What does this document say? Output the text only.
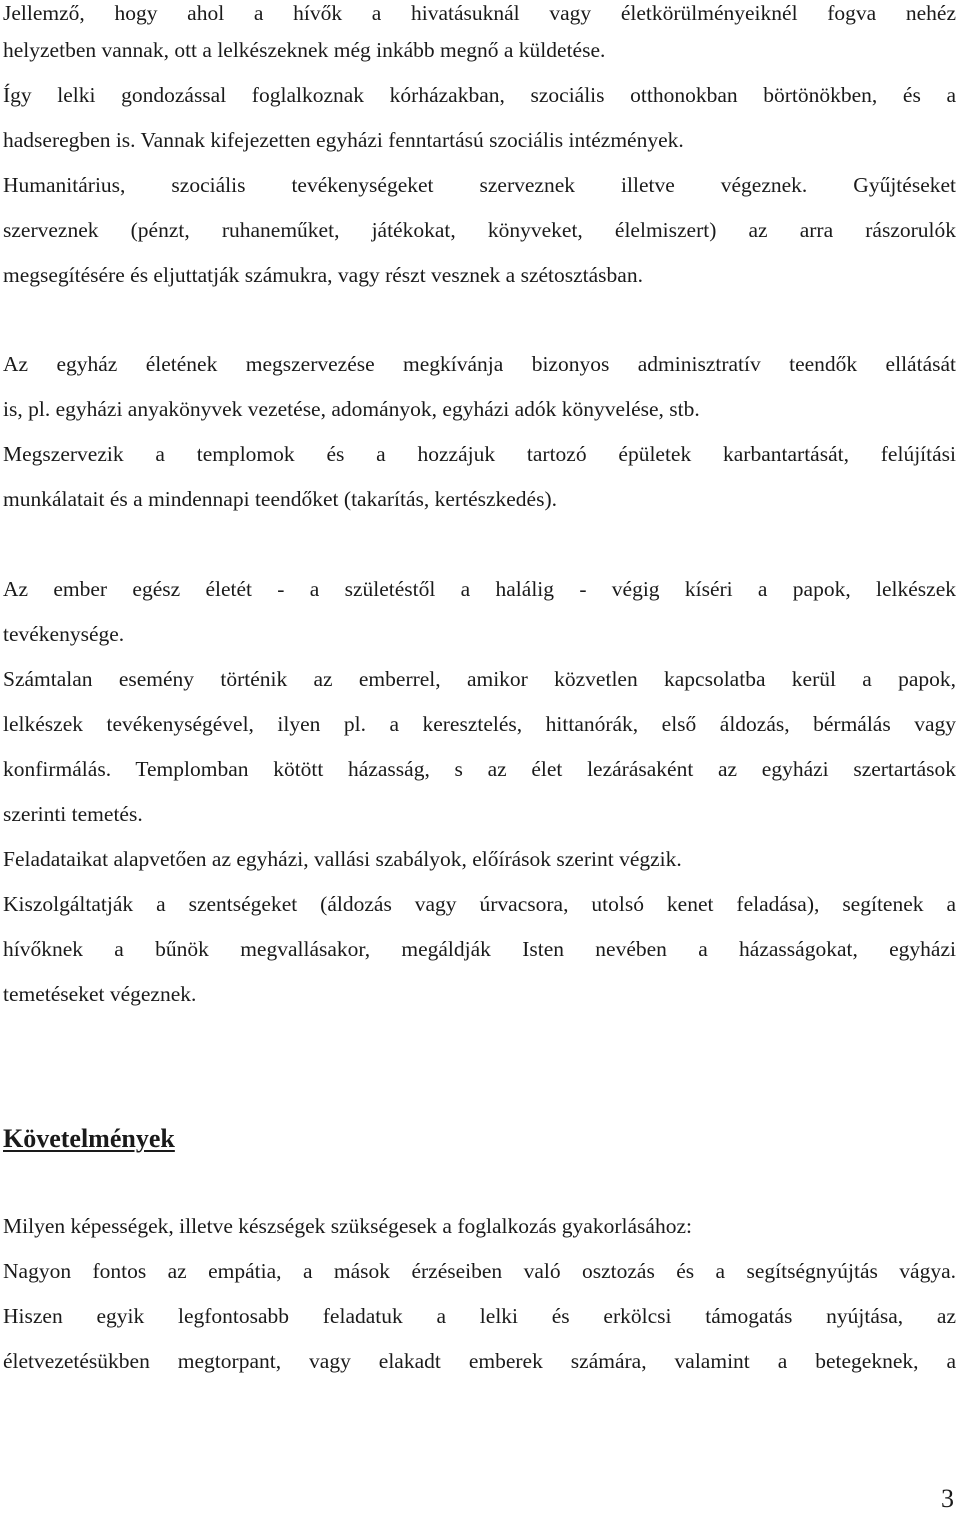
Jellemző, hogy ahol a hívők a hivatásuknál vagy életkörülményeiknél fogva nehéz
helyzetben vannak, ott a lelkészeknek még inkább megnő a küldetése.
Így lelki gondozással foglalkoznak kórházakban, szociális otthonokban börtönökben, és a
hadseregben is. Vannak kifejezetten egyházi fenntartású szociális intézmények.
Humanitárius, szociális tevékenységeket szerveznek illetve végeznek. Gyűjtéseket
szerveznek (pénzt, ruhaneműket, játékokat, könyveket, élelmiszert) az arra rászorulók
megsegítésére és eljuttatják számukra, vagy részt vesznek a szétosztásban.
Az egyház életének megszervezése megkívánja bizonyos adminisztratív teendők ellátását
is, pl. egyházi anyakönyvek vezetése, adományok, egyházi adók könyvelése, stb.
Megszervezik a templomok és a hozzájuk tartozó épületek karbantartását, felújítási
munkálatait és a mindennapi teendőket (takarítás, kertészkedés).
Az ember egész életét - a születéstől a halálig - végig kíséri a papok, lelkészek
tevékenysége.
Számtalan esemény történik az emberrel, amikor közvetlen kapcsolatba kerül a papok,
lelkészek tevékenységével, ilyen pl. a keresztelés, hittanórák, első áldozás, bérmálás vagy
konfirmálás. Templomban kötött házasság, s az élet lezárásaként az egyházi szertartások
szerinti temetés.
Feladataikat alapvetően az egyházi, vallási szabályok, előírások szerint végzik.
Kiszolgáltatják a szentségeket (áldozás vagy úrvacsora, utolsó kenet feladása), segítenek a
hívőknek a bűnök megvallásakor, megáldják Isten nevében a házasságokat, egyházi
temetéseket végeznek.
Követelmények
Milyen képességek, illetve készségek szükségesek a foglalkozás gyakorlásához:
Nagyon fontos az empátia, a mások érzéseiben való osztozás és a segítségnyújtás vágya.
Hiszen egyik legfontosabb feladatuk a lelki és erkölcsi támogatás nyújtása, az
életvezetésükben megtorpant, vagy elakadt emberek számára, valamint a betegeknek, a
3
